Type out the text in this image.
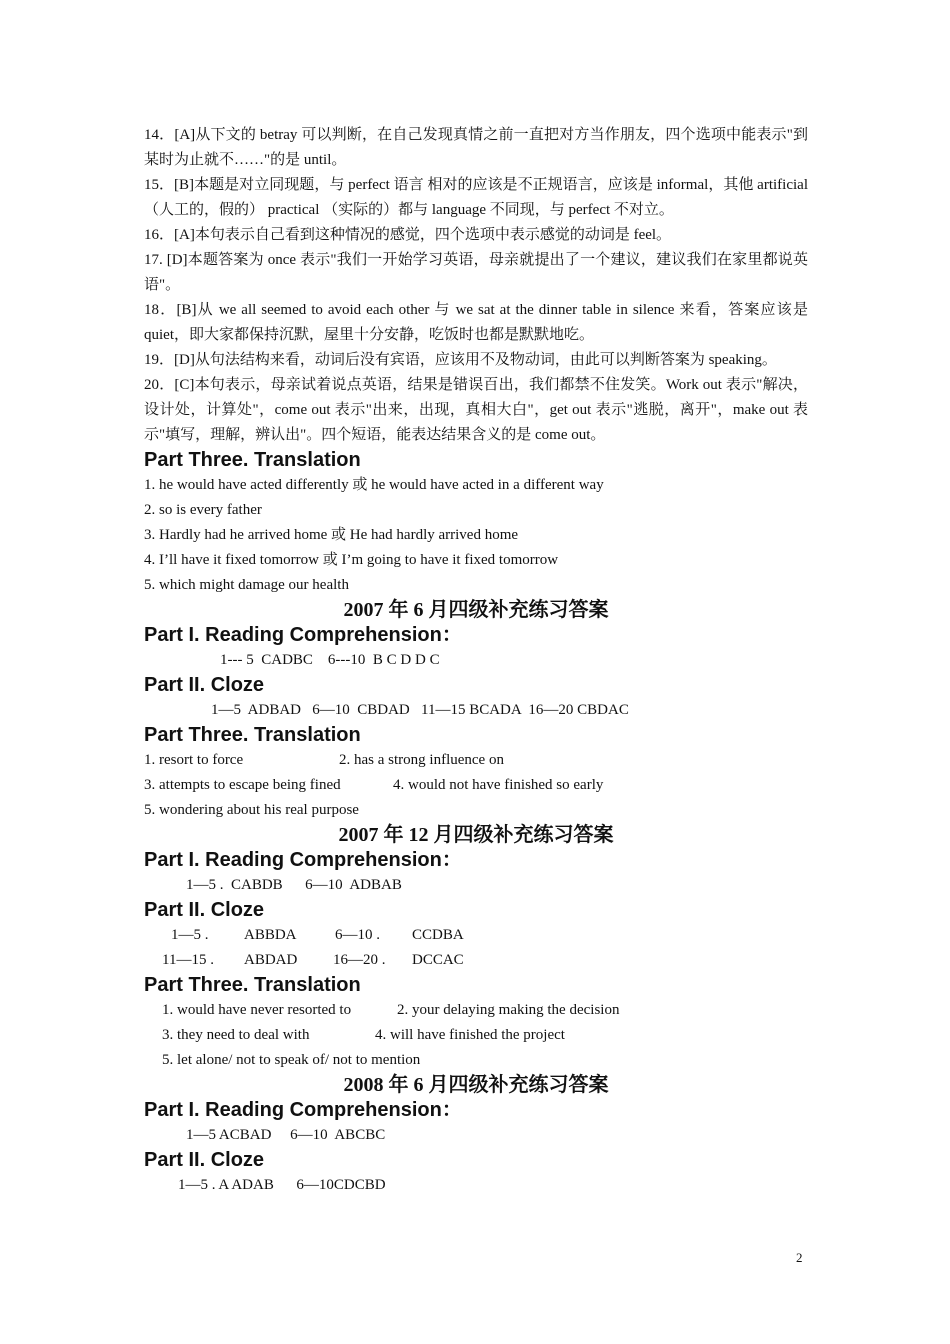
14．[A]从下文的 betray 可以判断，在自己发现真情之前一直把对方当作朋友，四个选项中能表示"到某时为止就不……"的是 until。

15．[B]本题是对立同现题，与 perfect 语言 相对的应该是不正规语言，应该是 informal，其他 artificial（人工的，假的） practical （实际的）都与 language 不同现，与 perfect 不对立。

16．[A]本句表示自己看到这种情况的感觉，四个选项中表示感觉的动词是 feel。

17. [D]本题答案为 once 表示"我们一开始学习英语，母亲就提出了一个建议，建议我们在家里都说英语"。

18．[B]从 we all seemed to avoid each other 与 we sat at the dinner table in silence 来看，答案应该是 quiet，即大家都保持沉默，屋里十分安静，吃饭时也都是默默地吃。

19．[D]从句法结构来看，动词后没有宾语，应该用不及物动词，由此可以判断答案为 speaking。

20．[C]本句表示，母亲试着说点英语，结果是错误百出，我们都禁不住发笑。Work out 表示"解决，设计处，计算处"，come out 表示"出来，出现，真相大白"，get out 表示"逃脱，离开"，make out 表示"填写，理解，辨认出"。四个短语，能表达结果含义的是 come out。

Part Three. Translation

1. he would have acted differently 或 he would have acted in a different way

2. so is every father

3. Hardly had he arrived home 或 He had hardly arrived home

4. I’ll have it fixed tomorrow 或 I’m going to have it fixed tomorrow

5. which might damage our health

2007 年 6 月四级补充练习答案

Part I. Reading Comprehension：

1--- 5  CADBC    6---10  B C D D C

Part II. Cloze

1—5  ADBAD   6—10  CBDAD   11—15 BCADA  16—20 CBDAC

Part Three. Translation

1. resort to force	2. has a strong influence on
3. attempts to escape being fined	4. would not have finished so early

5. wondering about his real purpose

2007 年 12 月四级补充练习答案

Part I. Reading Comprehension：

1—5 .  CABDB      6—10  ADBAB

Part II. Cloze

1—5 .	ABBDA	6—10 .	CCDBA
11—15 .	ABDAD	16—20 .	DCCAC

Part Three. Translation

1. would have never resorted to	2. your delaying making the decision
3. they need to deal with	4. will have finished the project

5. let alone/ not to speak of/ not to mention

2008 年 6 月四级补充练习答案

Part I. Reading Comprehension：

1—5 ACBAD     6—10  ABCBC

Part II. Cloze

1—5 . A ADAB      6—10CDCBD

2
